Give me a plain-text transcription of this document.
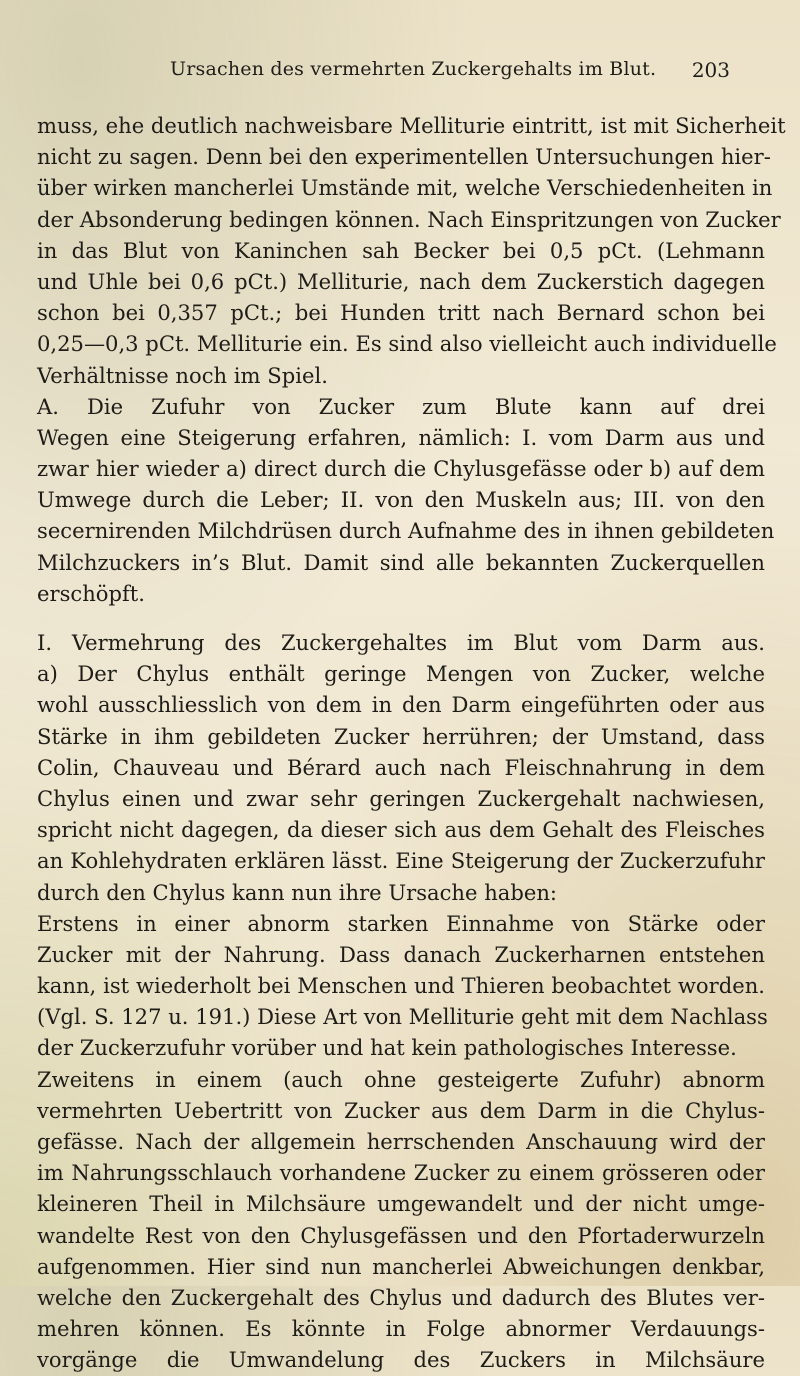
Ursachen des vermehrten Zuckergehalts im Blut. 203
muss, ehe deutlich nachweisbare Melliturie eintritt, ist mit Sicherheit
nicht zu sagen. Denn bei den experimentellen Untersuchungen hier-
über wirken mancherlei Umstände mit, welche Verschiedenheiten in
der Absonderung bedingen können. Nach Einspritzungen von Zucker
in das Blut von Kaninchen sah Becker bei 0,5 pCt. (Lehmann
und Uhle bei 0,6 pCt.) Melliturie, nach dem Zuckerstich dagegen
schon bei 0,357 pCt.; bei Hunden tritt nach Bernard schon bei
0,25—0,3 pCt. Melliturie ein. Es sind also vielleicht auch individuelle
Verhältnisse noch im Spiel.
A. Die Zufuhr von Zucker zum Blute kann auf drei
Wegen eine Steigerung erfahren, nämlich: I. vom Darm aus und
zwar hier wieder a) direct durch die Chylusgefässe oder b) auf dem
Umwege durch die Leber; II. von den Muskeln aus; III. von den
secernirenden Milchdrüsen durch Aufnahme des in ihnen gebildeten
Milchzuckers in’s Blut. Damit sind alle bekannten Zuckerquellen
erschöpft.
I. Vermehrung des Zuckergehaltes im Blut vom Darm aus.
a) Der Chylus enthält geringe Mengen von Zucker, welche
wohl ausschliesslich von dem in den Darm eingeführten oder aus
Stärke in ihm gebildeten Zucker herrühren; der Umstand, dass
Colin, Chauveau und Bérard auch nach Fleischnahrung in dem
Chylus einen und zwar sehr geringen Zuckergehalt nachwiesen,
spricht nicht dagegen, da dieser sich aus dem Gehalt des Fleisches
an Kohlehydraten erklären lässt. Eine Steigerung der Zuckerzufuhr
durch den Chylus kann nun ihre Ursache haben:
Erstens in einer abnorm starken Einnahme von Stärke oder
Zucker mit der Nahrung. Dass danach Zuckerharnen entstehen
kann, ist wiederholt bei Menschen und Thieren beobachtet worden.
(Vgl. S. 127 u. 191.) Diese Art von Melliturie geht mit dem Nachlass
der Zuckerzufuhr vorüber und hat kein pathologisches Interesse.
Zweitens in einem (auch ohne gesteigerte Zufuhr) abnorm
vermehrten Uebertritt von Zucker aus dem Darm in die Chylus-
gefässe. Nach der allgemein herrschenden Anschauung wird der
im Nahrungsschlauch vorhandene Zucker zu einem grösseren oder
kleineren Theil in Milchsäure umgewandelt und der nicht umge-
wandelte Rest von den Chylusgefässen und den Pfortaderwurzeln
aufgenommen. Hier sind nun mancherlei Abweichungen denkbar,
welche den Zuckergehalt des Chylus und dadurch des Blutes ver-
mehren können. Es könnte in Folge abnormer Verdauungs-
vorgänge die Umwandelung des Zuckers in Milchsäure
